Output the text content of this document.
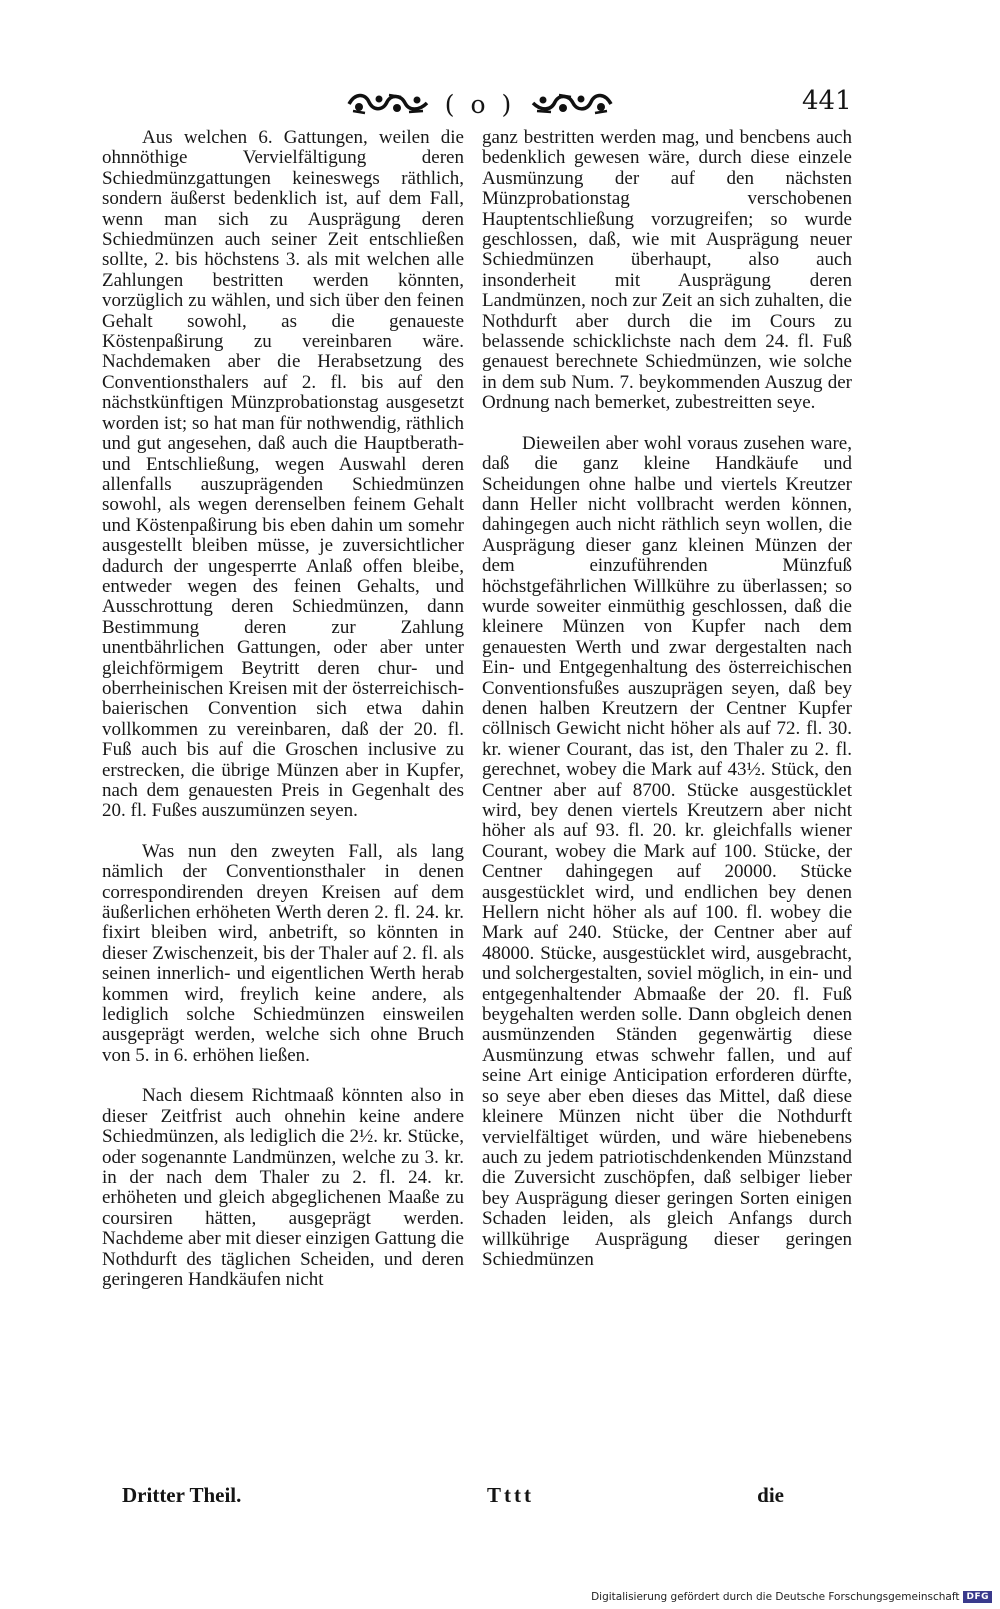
( o )	441

Aus welchen 6. Gattungen, weilen die ohnnöthige Vervielfältigung deren Schiedmünzgattungen keineswegs räthlich, sondern äußerst bedenklich ist, auf dem Fall, wenn man sich zu Ausprägung deren Schiedmünzen auch seiner Zeit entschließen sollte, 2. bis höchstens 3. als mit welchen alle Zahlungen bestritten werden könnten, vorzüglich zu wählen, und sich über den feinen Gehalt sowohl, as die genaueste Köstenpaßirung zu vereinbaren wäre. Nachdemaken aber die Herabsetzung des Conventionsthalers auf 2. fl. bis auf den nächstkünftigen Münzprobationstag ausgesetzt worden ist; so hat man für nothwendig, räthlich und gut angesehen, daß auch die Hauptberath- und Entschließung, wegen Auswahl deren allenfalls auszuprägenden Schiedmünzen sowohl, als wegen derenselben feinem Gehalt und Köstenpaßirung bis eben dahin um somehr ausgestellt bleiben müsse, je zuversichtlicher dadurch der ungesperrte Anlaß offen bleibe, entweder wegen des feinen Gehalts, und Ausschrottung deren Schiedmünzen, dann Bestimmung deren zur Zahlung unentbährlichen Gattungen, oder aber unter gleichförmigem Beytritt deren chur- und oberrheinischen Kreisen mit der österreichisch-baierischen Convention sich etwa dahin vollkommen zu vereinbaren, daß der 20. fl. Fuß auch bis auf die Groschen inclusive zu erstrecken, die übrige Münzen aber in Kupfer, nach dem genauesten Preis in Gegenhalt des 20. fl. Fußes auszumünzen seyen.

Was nun den zweyten Fall, als lang nämlich der Conventionsthaler in denen correspondirenden dreyen Kreisen auf dem äußerlichen erhöheten Werth deren 2. fl. 24. kr. fixirt bleiben wird, anbetrift, so könnten in dieser Zwischenzeit, bis der Thaler auf 2. fl. als seinen innerlich- und eigentlichen Werth herab kommen wird, freylich keine andere, als lediglich solche Schiedmünzen einsweilen ausgeprägt werden, welche sich ohne Bruch von 5. in 6. erhöhen ließen.

Nach diesem Richtmaaß könnten also in dieser Zeitfrist auch ohnehin keine andere Schiedmünzen, als lediglich die 2½. kr. Stücke, oder sogenannte Landmünzen, welche zu 3. kr. in der nach dem Thaler zu 2. fl. 24. kr. erhöheten und gleich abgeglichenen Maaße zu coursiren hätten, ausgeprägt werden. Nachdeme aber mit dieser einzigen Gattung die Nothdurft des täglichen Scheiden, und deren geringeren Handkäufen nicht

ganz bestritten werden mag, und bencbens auch bedenklich gewesen wäre, durch diese einzele Ausmünzung der auf den nächsten Münzprobationstag verschobenen Hauptentschließung vorzugreifen; so wurde geschlossen, daß, wie mit Ausprägung neuer Schiedmünzen überhaupt, also auch insonderheit mit Ausprägung deren Landmünzen, noch zur Zeit an sich zuhalten, die Nothdurft aber durch die im Cours zu belassende schicklichste nach dem 24. fl. Fuß genauest berechnete Schiedmünzen, wie solche in dem sub Num. 7. beykommenden Auszug der Ordnung nach bemerket, zubestreitten seye.

Dieweilen aber wohl voraus zusehen ware, daß die ganz kleine Handkäufe und Scheidungen ohne halbe und viertels Kreutzer dann Heller nicht vollbracht werden können, dahingegen auch nicht räthlich seyn wollen, die Ausprägung dieser ganz kleinen Münzen der dem einzuführenden Münzfuß höchstgefährlichen Willkühre zu überlassen; so wurde soweiter einmüthig geschlossen, daß die kleinere Münzen von Kupfer nach dem genauesten Werth und zwar dergestalten nach Ein- und Entgegenhaltung des österreichischen Conventionsfußes auszuprägen seyen, daß bey denen halben Kreutzern der Centner Kupfer cöllnisch Gewicht nicht höher als auf 72. fl. 30. kr. wiener Courant, das ist, den Thaler zu 2. fl. gerechnet, wobey die Mark auf 43½. Stück, den Centner aber auf 8700. Stücke ausgestücklet wird, bey denen viertels Kreutzern aber nicht höher als auf 93. fl. 20. kr. gleichfalls wiener Courant, wobey die Mark auf 100. Stücke, der Centner dahingegen auf 20000. Stücke ausgestücklet wird, und endlichen bey denen Hellern nicht höher als auf 100. fl. wobey die Mark auf 240. Stücke, der Centner aber auf 48000. Stücke, ausgestücklet wird, ausgebracht, und solchergestalten, soviel möglich, in ein- und entgegenhaltender Abmaaße der 20. fl. Fuß beygehalten werden solle. Dann obgleich denen ausmünzenden Ständen gegenwärtig diese Ausmünzung etwas schwehr fallen, und auf seine Art einige Anticipation erforderen dürfte, so seye aber eben dieses das Mittel, daß diese kleinere Münzen nicht über die Nothdurft vervielfältiget würden, und wäre hiebenebens auch zu jedem patriotischdenkenden Münzstand die Zuversicht zuschöpfen, daß selbiger lieber bey Ausprägung dieser geringen Sorten einigen Schaden leiden, als gleich Anfangs durch willkührige Ausprägung dieser geringen Schiedmünzen

Dritter Theil.	Tttt	die
Digitalisierung gefördert durch die Deutsche Forschungsgemeinschaft DFG
